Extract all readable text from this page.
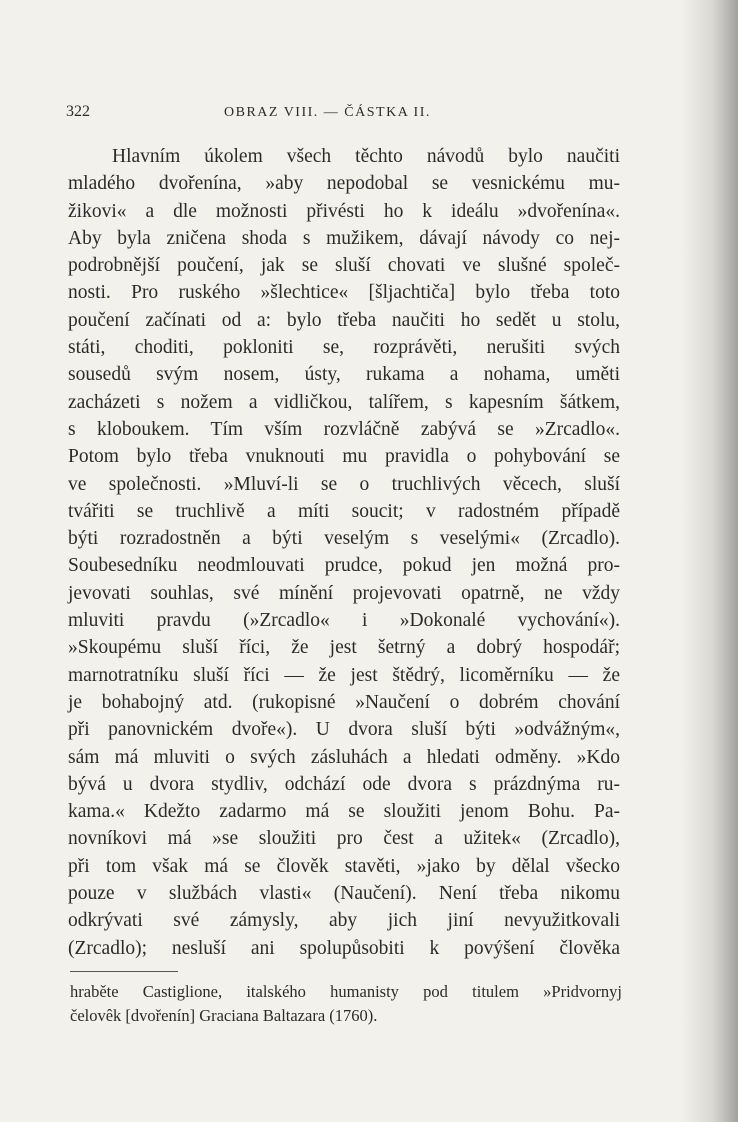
322	OBRAZ VIII. — ČÁSTKA II.
Hlavním úkolem všech těchto návodů bylo naučiti
mladého dvořenína, »aby nepodobal se vesnickému mu-
žikovi« a dle možnosti přivésti ho k ideálu »dvořenína«.
Aby byla zničena shoda s mužikem, dávají návody co nej-
podrobnější poučení, jak se sluší chovati ve slušné společ-
nosti. Pro ruského »šlechtice« [šljachtiča] bylo třeba toto
poučení začínati od a: bylo třeba naučiti ho sedět u stolu,
státi, choditi, pokloniti se, rozprávěti, nerušiti svých
sousedů svým nosem, ústy, rukama a nohama, uměti
zacházeti s nožem a vidličkou, talířem, s kapesním šátkem,
s kloboukem. Tím vším rozvláčně zabývá se »Zrcadlo«.
Potom bylo třeba vnuknouti mu pravidla o pohybování se
ve společnosti. »Mluví-li se o truchlivých věcech, sluší
tvářiti se truchlivě a míti soucit; v radostném případě
býti rozradostněn a býti veselým s veselými« (Zrcadlo).
Soubesedníku neodmlouvati prudce, pokud jen možná pro-
jevovati souhlas, své mínění projevovati opatrně, ne vždy
mluviti pravdu (»Zrcadlo« i »Dokonalé vychování«).
»Skoupému sluší říci, že jest šetrný a dobrý hospodář;
marnotratníku sluší říci — že jest štědrý, licoměrníku — že
je bohabojný atd. (rukopisné »Naučení o dobrém chování
při panovnickém dvoře«). U dvora sluší býti »odvážným«,
sám má mluviti o svých zásluhách a hledati odměny. »Kdo
bývá u dvora stydliv, odchází ode dvora s prázdnýma ru-
kama.« Kdežto zadarmo má se sloužiti jenom Bohu. Pa-
novníkovi má »se sloužiti pro čest a užitek« (Zrcadlo),
při tom však má se člověk stavěti, »jako by dělal všecko
pouze v službách vlasti« (Naučení). Není třeba nikomu
odkrývati své zámysly, aby jich jiní nevyužitkovali
(Zrcadlo); nesluší ani spolupůsobiti k povýšení člověka
hraběte Castiglione, italského humanisty pod titulem »Pridvornyj
čelovêk [dvořenín] Graciana Baltazara (1760).
